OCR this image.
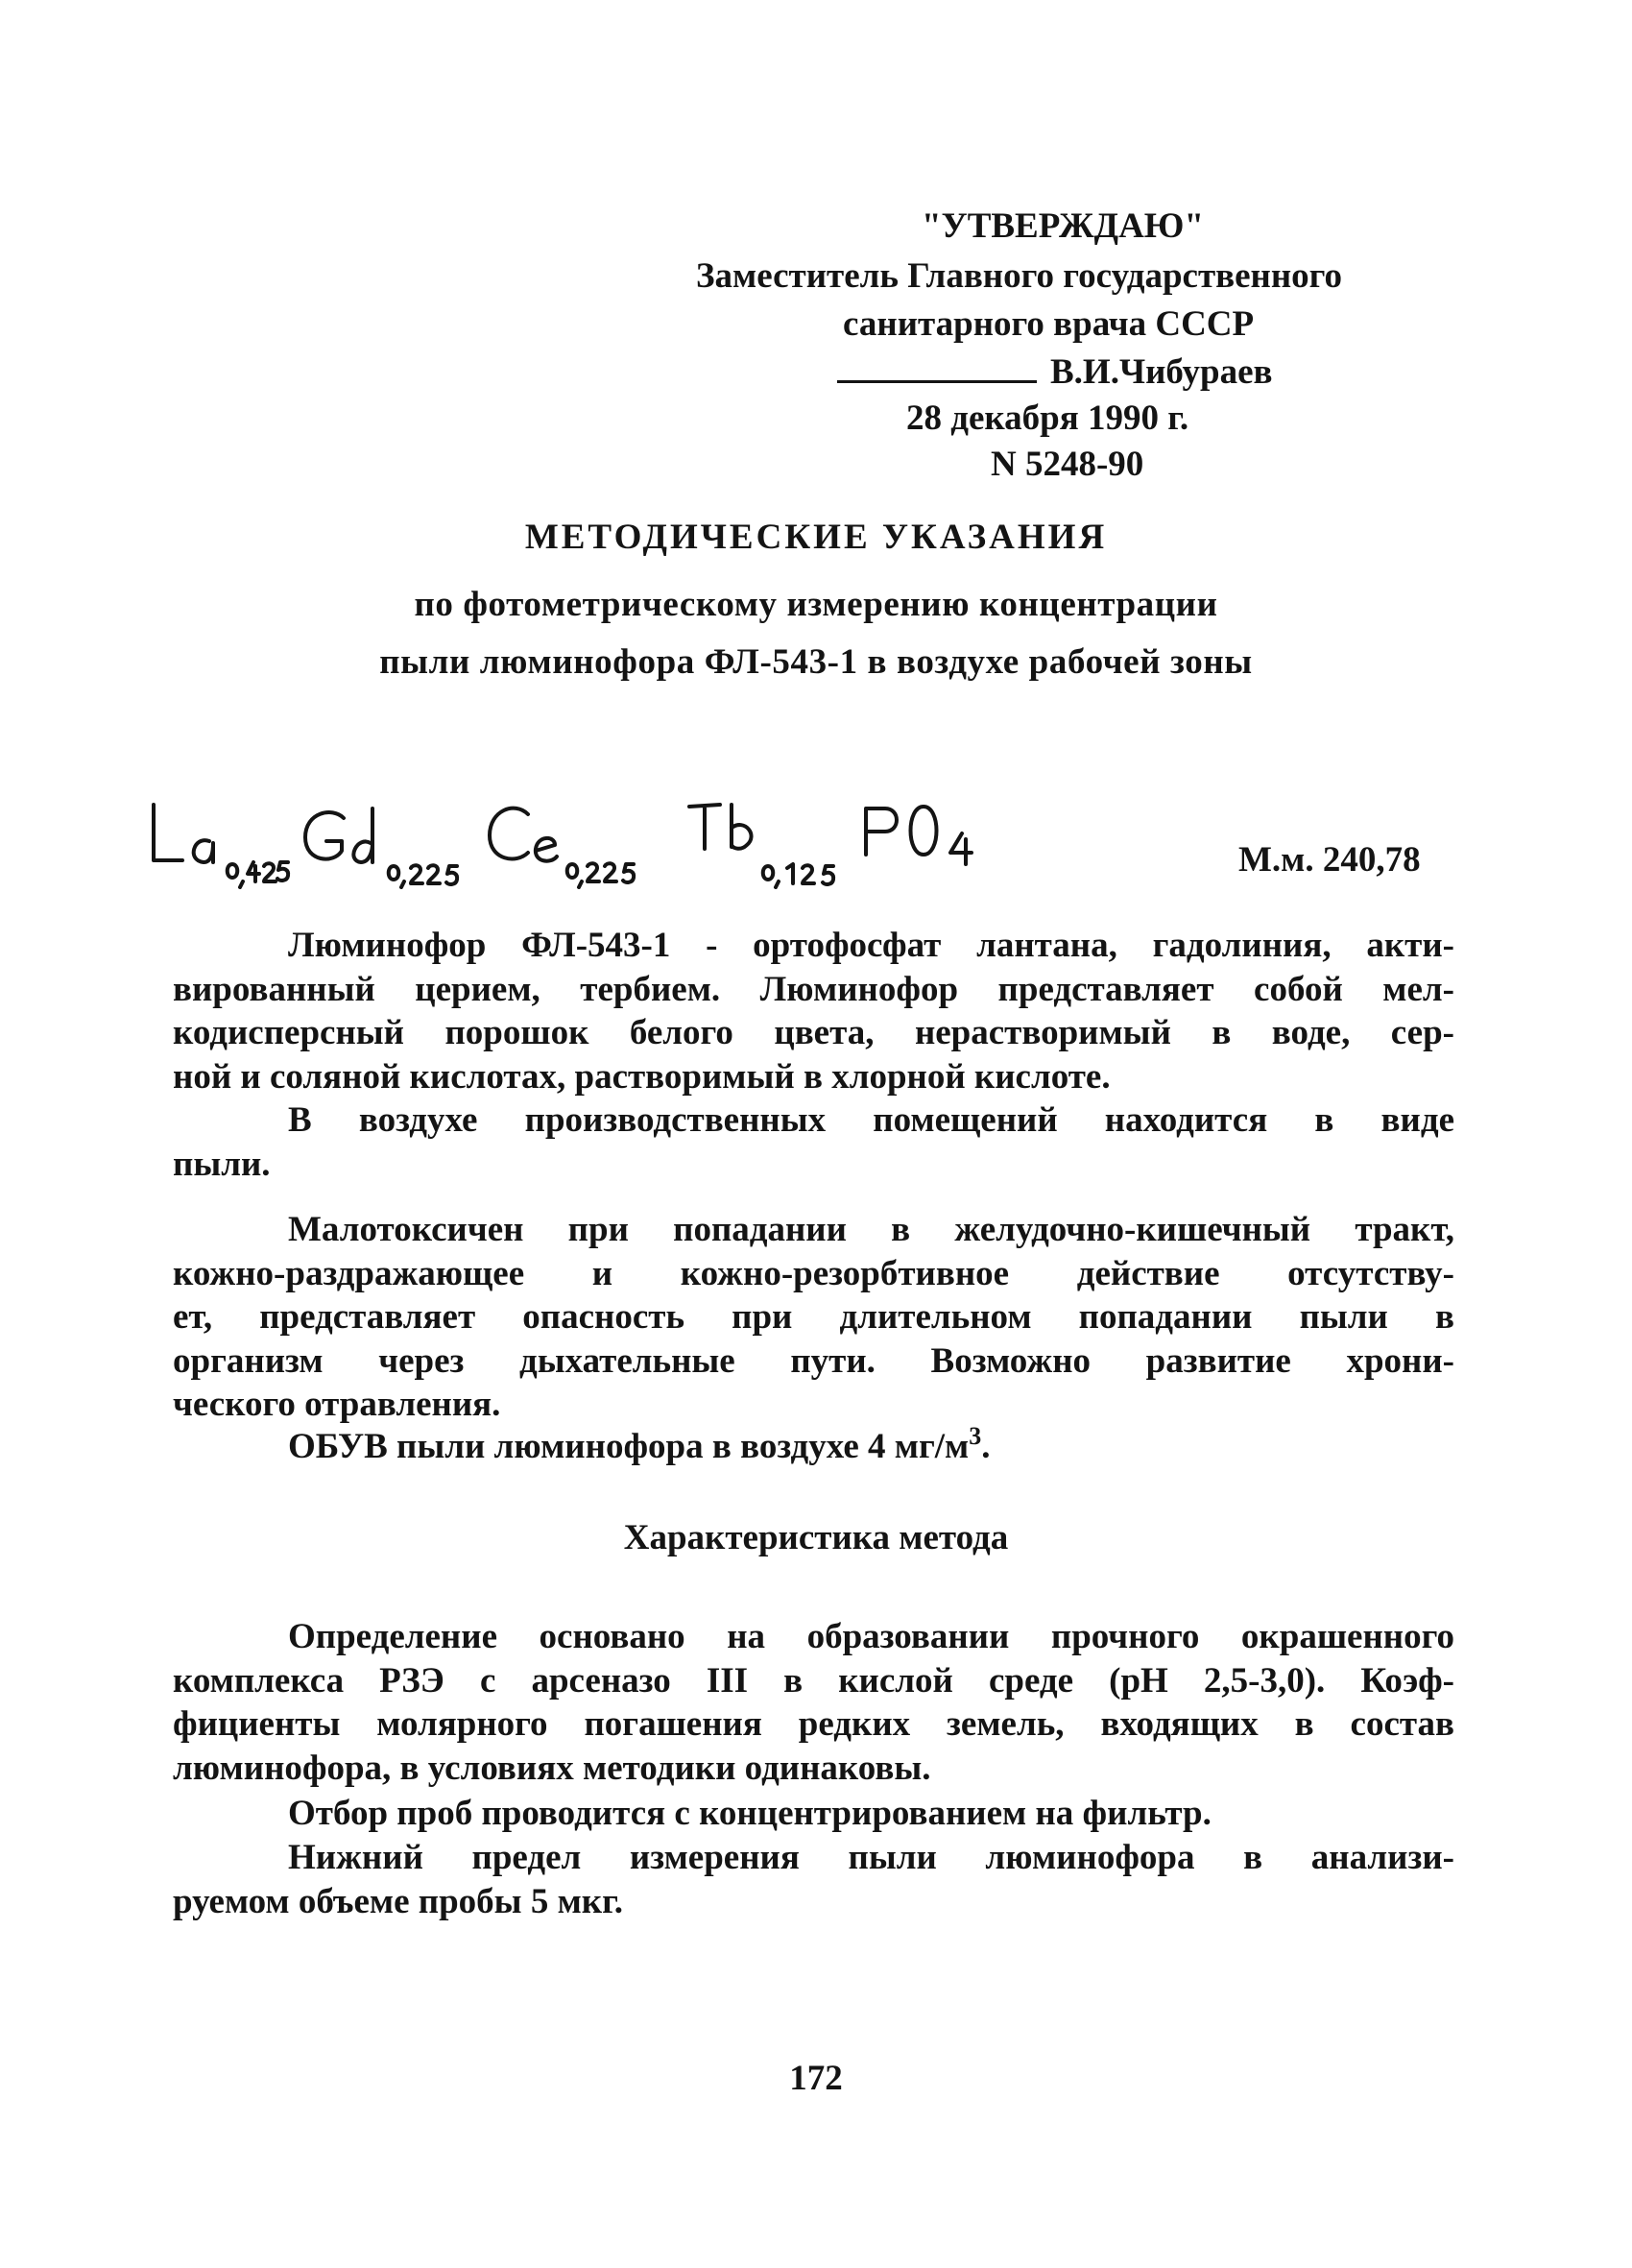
"УТВЕРЖДАЮ"
Заместитель Главного государственного
санитарного врача СССР
В.И.Чибураев
28 декабря 1990 г.
N 5248-90
МЕТОДИЧЕСКИЕ УКАЗАНИЯ
по фотометрическому измерению концентрации
пыли люминофора ФЛ-543-1 в воздухе рабочей зоны
М.м. 240,78
Люминофор ФЛ-543-1 - ортофосфат лантана, гадолиния, акти-
вированный церием, тербием. Люминофор представляет собой мел-
кодисперсный порошок белого цвета, нерастворимый в воде, сер-
ной и соляной кислотах, растворимый в хлорной кислоте.
В воздухе производственных помещений находится в виде
пыли.
Малотоксичен при попадании в желудочно-кишечный тракт,
кожно-раздражающее и кожно-резорбтивное действие отсутству-
ет, представляет опасность при длительном попадании пыли в
организм через дыхательные пути. Возможно развитие хрони-
ческого отравления.
ОБУВ пыли люминофора в воздухе 4 $мг/м^3$.
Характеристика метода
Определение основано на образовании прочного окрашенного
комплекса РЗЭ с арсеназо III в кислой среде (рН 2,5-3,0). Коэф-
фициенты молярного погашения редких земель, входящих в состав
люминофора, в условиях методики одинаковы.
Отбор проб проводится с концентрированием на фильтр.
Нижний предел измерения пыли люминофора в анализи-
руемом объеме пробы 5 мкг.
172
